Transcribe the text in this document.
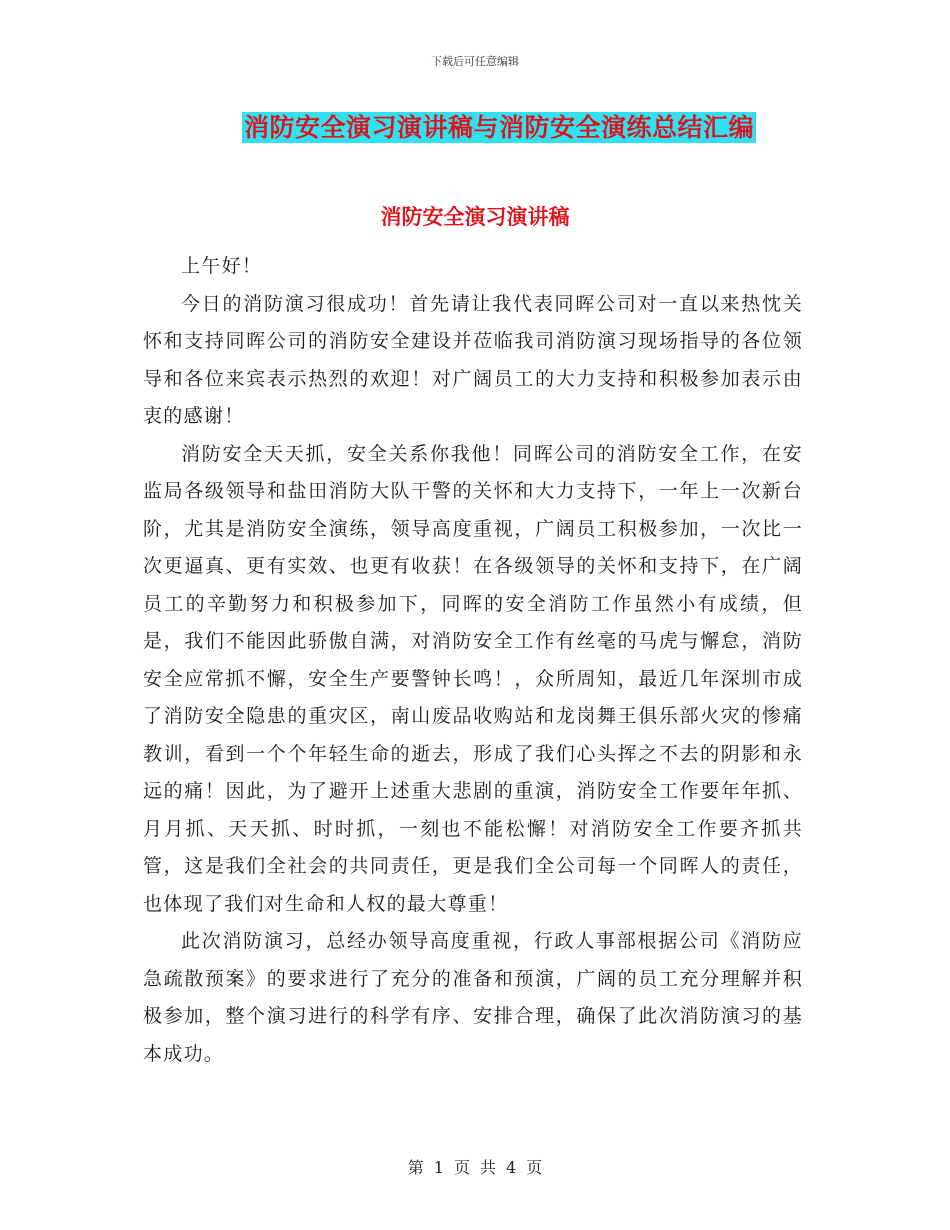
下载后可任意编辑
消防安全演习演讲稿与消防安全演练总结汇编
消防安全演习演讲稿

上午好！

今日的消防演习很成功！首先请让我代表同晖公司对一直以来热忱关怀和支持同晖公司的消防安全建设并莅临我司消防演习现场指导的各位领导和各位来宾表示热烈的欢迎！对广阔员工的大力支持和积极参加表示由衷的感谢！

消防安全天天抓，安全关系你我他！同晖公司的消防安全工作，在安监局各级领导和盐田消防大队干警的关怀和大力支持下，一年上一次新台阶，尤其是消防安全演练，领导高度重视，广阔员工积极参加，一次比一次更逼真、更有实效、也更有收获！在各级领导的关怀和支持下，在广阔员工的辛勤努力和积极参加下，同晖的安全消防工作虽然小有成绩，但是，我们不能因此骄傲自满，对消防安全工作有丝毫的马虎与懈怠，消防安全应常抓不懈，安全生产要警钟长鸣！，众所周知，最近几年深圳市成了消防安全隐患的重灾区，南山废品收购站和龙岗舞王俱乐部火灾的惨痛教训，看到一个个年轻生命的逝去，形成了我们心头挥之不去的阴影和永远的痛！因此，为了避开上述重大悲剧的重演，消防安全工作要年年抓、月月抓、天天抓、时时抓，一刻也不能松懈！对消防安全工作要齐抓共管，这是我们全社会的共同责任，更是我们全公司每一个同晖人的责任，也体现了我们对生命和人权的最大尊重！

此次消防演习，总经办领导高度重视，行政人事部根据公司《消防应急疏散预案》的要求进行了充分的准备和预演，广阔的员工充分理解并积极参加，整个演习进行的科学有序、安排合理，确保了此次消防演习的基本成功。

第 1 页 共 4 页
